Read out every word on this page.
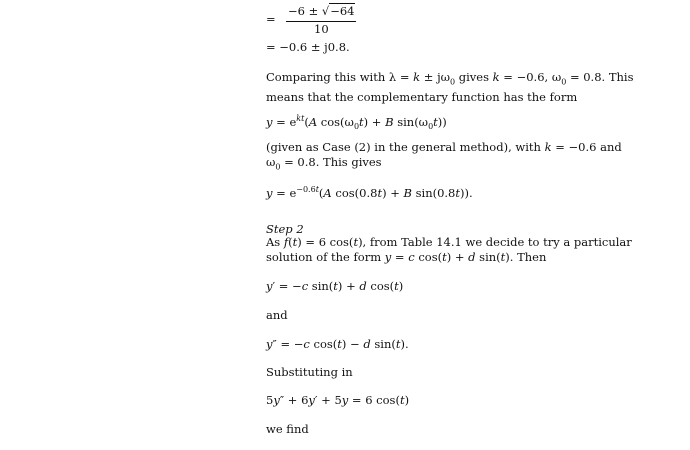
=
−6 ± √−64
10
= −0.6 ± j0.8.
Comparing this with $\lambda = k \pm j\omega_0$ gives k = −0.6, $\omega_0 = 0.8$. This means that the complementary function has the form
$y = e^{kt}(A$ $\cos(\omega_0t) + B$ $\sin(\omega_0t)$)
(given as Case (2) in the general method), with k = −0.6 and $\omega_0 = 0.8$. This gives
$y = e^{-0.6t}(A$ cos(0.8t) + B sin(0.8t)).
Step 2
As f(t) = 6 cos(t), from Table 14.1 we decide to try a particular solution of the form y = c cos(t) + d sin(t). Then
y′ = −c sin(t) + d cos(t)
and
y″ = −c cos(t) − d sin(t).
Substituting in
5y″ + 6y′ + 5y = 6 cos(t)
we find
